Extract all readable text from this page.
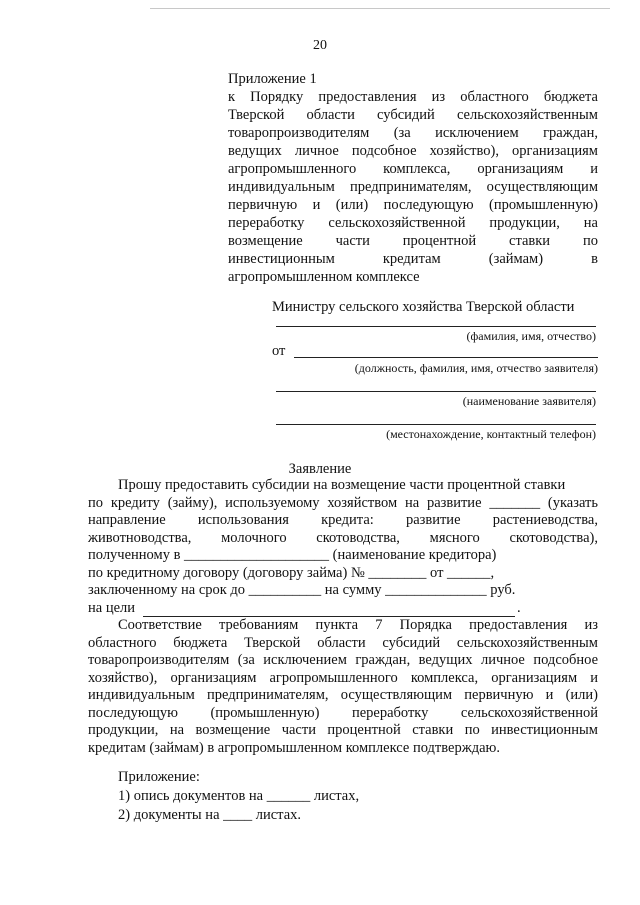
20
Приложение 1
к Порядку предоставления из областного бюджета
Тверской области субсидий сельскохозяйственным
товаропроизводителям (за исключением граждан,
ведущих личное подсобное хозяйство), организациям
агропромышленного комплекса, организациям и
индивидуальным предпринимателям, осуществляющим
первичную и (или) последующую (промышленную)
переработку сельскохозяйственной продукции, на
возмещение части процентной ставки по
инвестиционным	кредитам	(займам)	в
агропромышленном комплексе
Министру сельского хозяйства Тверской области
(фамилия, имя, отчество)
от
(должность, фамилия, имя, отчество заявителя)
(наименование заявителя)
(местонахождение, контактный телефон)
Заявление
Прошу предоставить субсидии на возмещение части процентной ставки
по кредиту (займу), используемому хозяйством на развитие _______ (указать
направление использования кредита: развитие растениеводства,
животноводства, молочного скотоводства, мясного скотоводства),
полученному в ____________________ (наименование кредитора)
по кредитному договору (договору займа) № ________ от ______,
заключенному на срок до __________ на сумму ______________ руб.
на цели	.
Соответствие требованиям пункта 7 Порядка предоставления из
областного бюджета Тверской области субсидий сельскохозяйственным
товаропроизводителям (за исключением граждан, ведущих личное подсобное
хозяйство), организациям агропромышленного комплекса, организациям и
индивидуальным предпринимателям, осуществляющим первичную и (или)
последующую (промышленную) переработку сельскохозяйственной
продукции, на возмещение части процентной ставки по инвестиционным
кредитам (займам) в агропромышленном комплексе подтверждаю.
Приложение:
1) опись документов на ______ листах,
2) документы на ____ листах.
